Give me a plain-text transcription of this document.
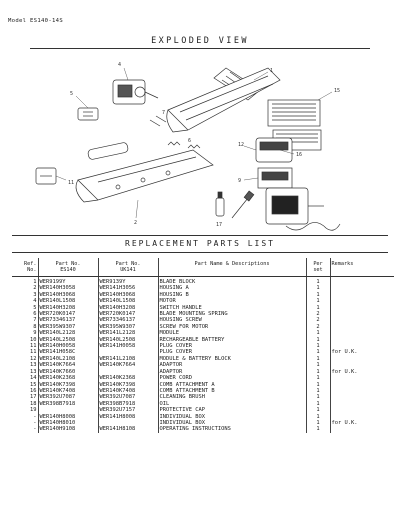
Model ES140-14S
EXPLODED VIEW
1
4
5	15
16
12
9
2
11
17
6
7
REPLACEMENT PARTS LIST
Ref.	Part No.	Part No.	Part Name & Descriptions	Per	Remarks
No.	ES140	UK141		set	
1	WER9199Y	WER9139Y	BLADE BLOCK	1	
2	WER140H3058	WER141H3056	HOUSING A	1	
3	WER140H3068	WER140H3068	HOUSING B	1	
4	WER140L1508	WER140L1508	MOTOR	1	
5	WER140H3208	WER140H3208	SWITCH HANDLE	1	
6	WER720K0147	WER720K0147	BLADE MOUNTING SPRING	2	
7	WER73346137	WER73346137	HOUSING SCREW	2	
8	WER395W9307	WER395W9307	SCREW FOR MOTOR	2	
9	WER140L2128	WER141L2128	MODULE	1	
10	WER140L2508	WER140L2508	RECHARGEABLE BATTERY	1	
11	WER140H0058	WER141H0058	PLUG COVER	1	
11	WER141H058C		PLUG COVER	1	for U.K.
12	WER140L2108	WER141L2108	MODULE & BATTERY BLOCK	1	
13	WER140K7664	WER140K7664	ADAPTOR	1	
13	WER140K7660		ADAPTOR	1	for U.K.
14	WER140K2368	WER140K2368	POWER CORD	1	
15	WER140K7398	WER140K7398	COMB ATTACHMENT A	1	
16	WER140K7408	WER140K7408	COMB ATTACHMENT B	1	
17	WER392U7087	WER392U7087	CLEANING BRUSH	1	
18	WER398B7918	WER398B7918	OIL	1	
19		WER392U7157	PROTECTIVE CAP	1	
-	WER140H8008	WER141H8008	INDIVIDUAL BOX	1	
-	WER140H8010		INDIVIDUAL BOX	1	for U.K.
-	WER140H9108	WER141H8108	OPERATING INSTRUCTIONS	1	
